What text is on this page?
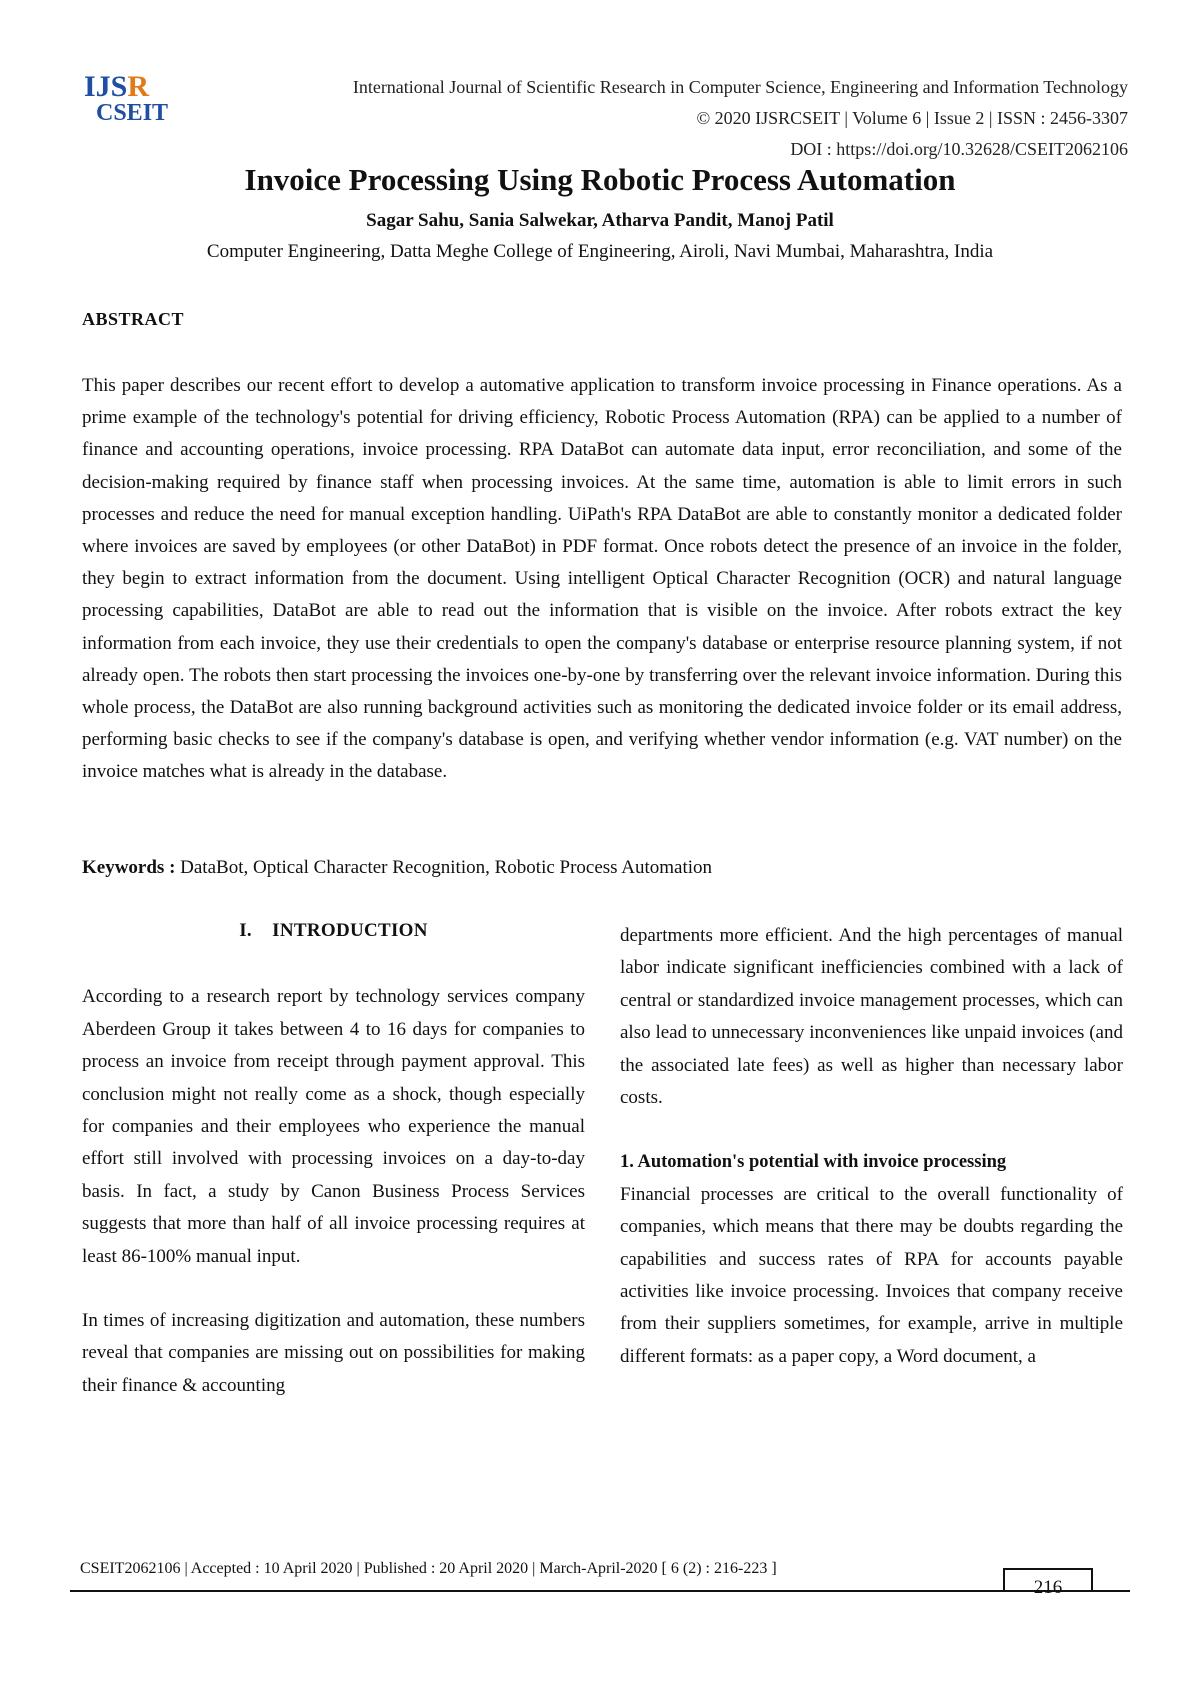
IJSR
CSEIT
International Journal of Scientific Research in Computer Science, Engineering and Information Technology
© 2020 IJSRCSEIT | Volume 6 | Issue 2 | ISSN : 2456-3307
DOI : https://doi.org/10.32628/CSEIT2062106
Invoice Processing Using Robotic Process Automation
Sagar Sahu, Sania Salwekar, Atharva Pandit, Manoj Patil
Computer Engineering, Datta Meghe College of Engineering, Airoli, Navi Mumbai, Maharashtra, India
ABSTRACT

This paper describes our recent effort to develop a automative application to transform invoice processing in Finance operations. As a prime example of the technology's potential for driving efficiency, Robotic Process Automation (RPA) can be applied to a number of finance and accounting operations, invoice processing. RPA DataBot can automate data input, error reconciliation, and some of the decision-making required by finance staff when processing invoices. At the same time, automation is able to limit errors in such processes and reduce the need for manual exception handling. UiPath's RPA DataBot are able to constantly monitor a dedicated folder where invoices are saved by employees (or other DataBot) in PDF format. Once robots detect the presence of an invoice in the folder, they begin to extract information from the document. Using intelligent Optical Character Recognition (OCR) and natural language processing capabilities, DataBot are able to read out the information that is visible on the invoice. After robots extract the key information from each invoice, they use their credentials to open the company's database or enterprise resource planning system, if not already open. The robots then start processing the invoices one-by-one by transferring over the relevant invoice information. During this whole process, the DataBot are also running background activities such as monitoring the dedicated invoice folder or its email address, performing basic checks to see if the company's database is open, and verifying whether vendor information (e.g. VAT number) on the invoice matches what is already in the database.

Keywords : DataBot, Optical Character Recognition, Robotic Process Automation
I.    INTRODUCTION

According to a research report by technology services company Aberdeen Group it takes between 4 to 16 days for companies to process an invoice from receipt through payment approval. This conclusion might not really come as a shock, though especially for companies and their employees who experience the manual effort still involved with processing invoices on a day-to-day basis. In fact, a study by Canon Business Process Services suggests that more than half of all invoice processing requires at least 86-100% manual input.

In times of increasing digitization and automation, these numbers reveal that companies are missing out on possibilities for making their finance & accounting

departments more efficient. And the high percentages of manual labor indicate significant inefficiencies combined with a lack of central or standardized invoice management processes, which can also lead to unnecessary inconveniences like unpaid invoices (and the associated late fees) as well as higher than necessary labor costs.

1. Automation's potential with invoice processing

Financial processes are critical to the overall functionality of companies, which means that there may be doubts regarding the capabilities and success rates of RPA for accounts payable activities like invoice processing. Invoices that company receive from their suppliers sometimes, for example, arrive in multiple different formats: as a paper copy, a Word document, a

CSEIT2062106 | Accepted : 10 April 2020 | Published : 20 April 2020 | March-April-2020 [ 6 (2) : 216-223 ]
216
